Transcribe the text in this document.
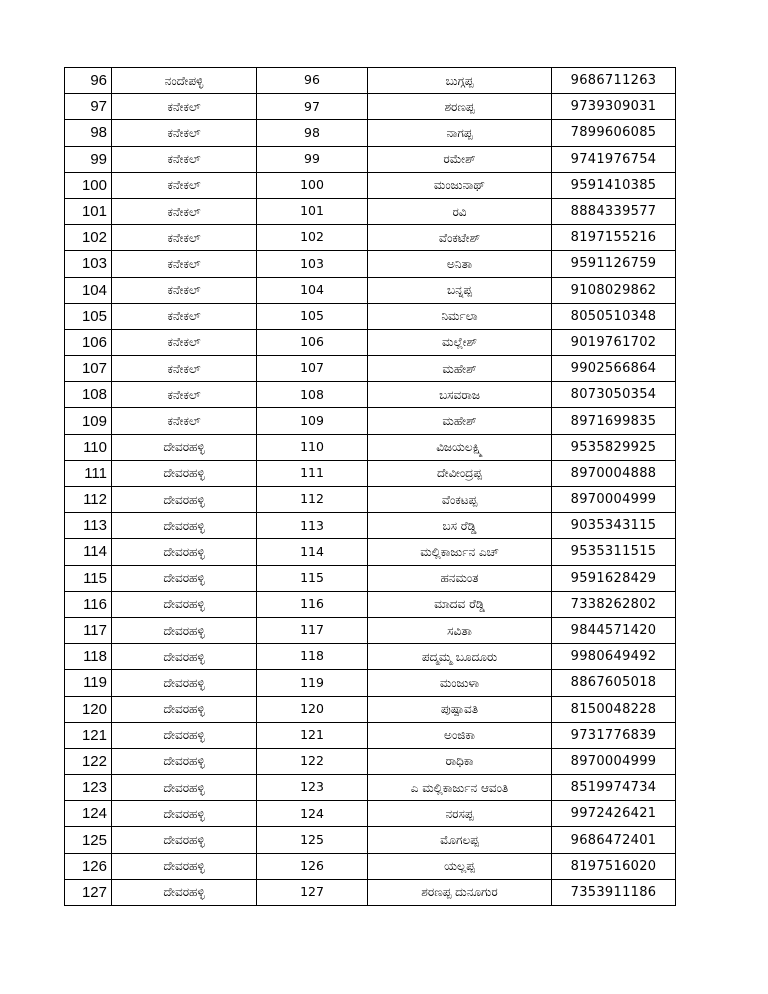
96	ನಂದೇಪಳ್ಳಿ	96	ಬುಗ್ಗಪ್ಪ	9686711263
97	ಕನೇಕಲ್	97	ಶರಣಪ್ಪ	9739309031
98	ಕನೇಕಲ್	98	ನಾಗಪ್ಪ	7899606085
99	ಕನೇಕಲ್	99	ರಮೇಶ್	9741976754
100	ಕನೇಕಲ್	100	ಮಂಜುನಾಥ್	9591410385
101	ಕನೇಕಲ್	101	ರವಿ	8884339577
102	ಕನೇಕಲ್	102	ವೆಂಕಟೇಶ್	8197155216
103	ಕನೇಕಲ್	103	ಅನಿತಾ	9591126759
104	ಕನೇಕಲ್	104	ಬನ್ನಪ್ಪ	9108029862
105	ಕನೇಕಲ್	105	ನಿರ್ಮಲಾ	8050510348
106	ಕನೇಕಲ್	106	ಮಲ್ಲೇಶ್	9019761702
107	ಕನೇಕಲ್	107	ಮಹೇಶ್	9902566864
108	ಕನೇಕಲ್	108	ಬಸವರಾಜ	8073050354
109	ಕನೇಕಲ್	109	ಮಹೇಶ್	8971699835
110	ದೇವರಹಳ್ಳಿ	110	ವಿಜಯಲಕ್ಷ್ಮಿ	9535829925
111	ದೇವರಹಳ್ಳಿ	111	ದೇವೀಂದ್ರಪ್ಪ	8970004888
112	ದೇವರಹಳ್ಳಿ	112	ವೆಂಕಟಪ್ಪ	8970004999
113	ದೇವರಹಳ್ಳಿ	113	ಬಸ ರೆಡ್ಡಿ	9035343115
114	ದೇವರಹಳ್ಳಿ	114	ಮಲ್ಲಿಕಾರ್ಜುನ ಎಚ್	9535311515
115	ದೇವರಹಳ್ಳಿ	115	ಹನಮಂತ	9591628429
116	ದೇವರಹಳ್ಳಿ	116	ಮಾದವ ರೆಡ್ಡಿ	7338262802
117	ದೇವರಹಳ್ಳಿ	117	ಸವಿತಾ	9844571420
118	ದೇವರಹಳ್ಳಿ	118	ಪದ್ಮಮ್ಮ ಬೂದೂರು	9980649492
119	ದೇವರಹಳ್ಳಿ	119	ಮಂಜುಳಾ	8867605018
120	ದೇವರಹಳ್ಳಿ	120	ಪುಷ್ಪಾವತಿ	8150048228
121	ದೇವರಹಳ್ಳಿ	121	ಅಂಜಿಕಾ	9731776839
122	ದೇವರಹಳ್ಳಿ	122	ರಾಧಿಕಾ	8970004999
123	ದೇವರಹಳ್ಳಿ	123	ಎ ಮಲ್ಲಿಕಾರ್ಜುನ ಆವಂತಿ	8519974734
124	ದೇವರಹಳ್ಳಿ	124	ನರಸಪ್ಪ	9972426421
125	ದೇವರಹಳ್ಳಿ	125	ಮೊಗಲಪ್ಪ	9686472401
126	ದೇವರಹಳ್ಳಿ	126	ಯಲ್ಲಪ್ಪ	8197516020
127	ದೇವರಹಳ್ಳಿ	127	ಶರಣಪ್ಪ ದುನೂಗುರ	7353911186
